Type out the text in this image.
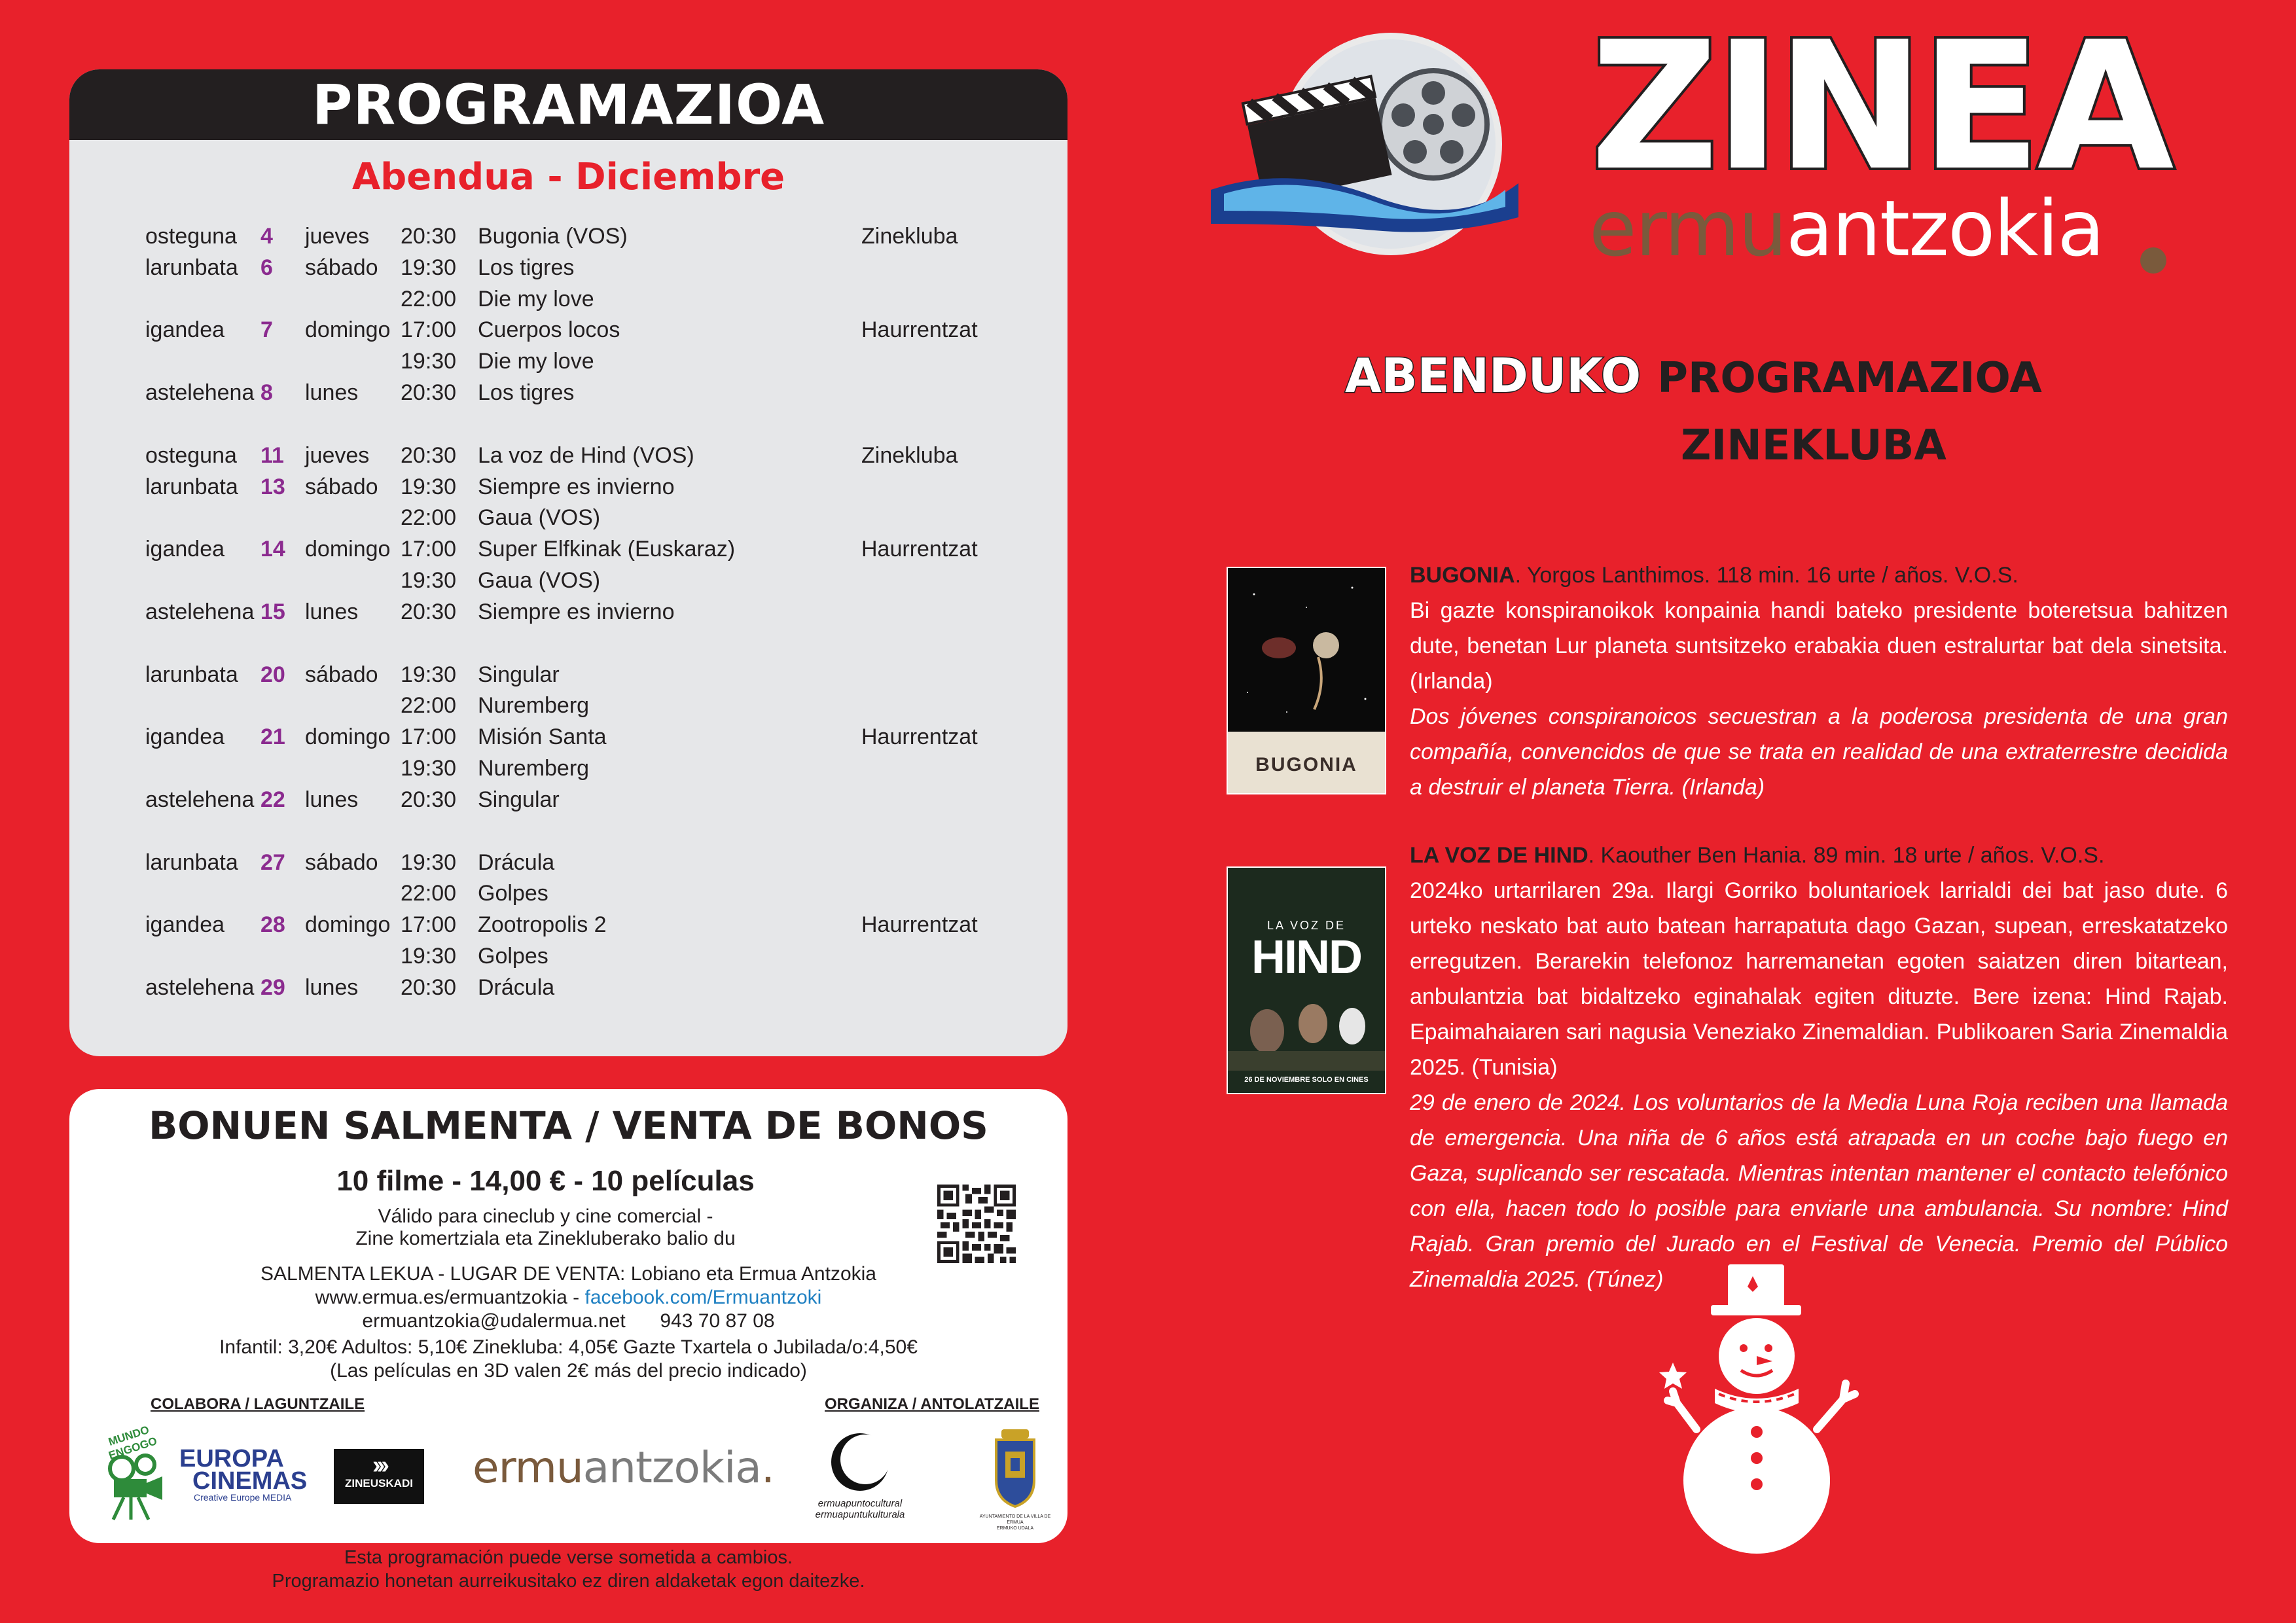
PROGRAMAZIOA
Abendua - Diciembre
osteguna 4 jueves 20:30 Bugonia (VOS)	Zinekluba
larunbata 6 sábado 19:30 Los tigres
22:00 Die my love
igandea 7 domingo 17:00 Cuerpos locos	Haurrentzat
19:30 Die my love
astelehena 8 lunes 20:30 Los tigres
osteguna 11 jueves 20:30 La voz de Hind (VOS)	Zinekluba
larunbata 13 sábado 19:30 Siempre es invierno
22:00 Gaua (VOS)
igandea 14 domingo 17:00 Super Elfkinak (Euskaraz)	Haurrentzat
19:30 Gaua (VOS)
astelehena 15 lunes 20:30 Siempre es invierno
larunbata 20 sábado 19:30 Singular
22:00 Nuremberg
igandea 21 domingo 17:00 Misión Santa	Haurrentzat
19:30 Nuremberg
astelehena 22 lunes 20:30 Singular
larunbata 27 sábado 19:30 Drácula
22:00 Golpes
igandea 28 domingo 17:00 Zootropolis 2	Haurrentzat
19:30 Golpes
astelehena 29 lunes 20:30 Drácula
BONUEN SALMENTA / VENTA DE BONOS
10 filme - 14,00 € - 10 películas
Válido para cineclub y cine comercial -
Zine komertziala eta Zinekluberako balio du
SALMENTA LEKUA - LUGAR DE VENTA: Lobiano eta Ermua Antzokia
www.ermua.es/ermuantzokia - facebook.com/Ermuantzoki
ermuantzokia@udalermua.net 943 70 87 08
Infantil: 3,20€ Adultos: 5,10€ Zinekluba: 4,05€ Gazte Txartela o Jubilada/o:4,50€
(Las películas en 3D valen 2€ más del precio indicado)
COLABORA / LAGUNTZAILE	ORGANIZA / ANTOLATZAILE
MUNDO ENGOGO EUROPA
CINEMAS
Creative Europe MEDIA
›››
ZINEUSKADI ermuantzokia.
ermuapuntocultural
ermuapuntukulturala	AYUNTAMIENTO DE LA VILLA DE ERMUA
ERMUKO UDALA
Esta programación puede verse sometida a cambios.
Programazio honetan aurreikusitako ez diren aldaketak egon daitezke.
ZINEA
ermuantzokia
ABENDUKO PROGRAMAZIOA
ZINEKLUBA
BUGONIA
BUGONIA. Yorgos Lanthimos. 118 min. 16 urte / años. V.O.S.
Bi gazte konspiranoikok konpainia handi bateko presidente boteretsua bahitzen dute, benetan Lur planeta suntsitzeko erabakia duen estralurtar bat dela sinetsita. (Irlanda)
Dos jóvenes conspiranoicos secuestran a la poderosa presidenta de una gran compañía, convencidos de que se trata en realidad de una extraterrestre decidida a destruir el planeta Tierra. (Irlanda)
LA VOZ DE
HIND
26 DE NOVIEMBRE SOLO EN CINES
LA VOZ DE HIND. Kaouther Ben Hania. 89 min. 18 urte / años. V.O.S.
2024ko urtarrilaren 29a. Ilargi Gorriko boluntarioek larrialdi dei bat jaso dute. 6 urteko neskato bat auto batean harrapatuta dago Gazan, supean, erreskatatzeko erregutzen. Berarekin telefonoz harremanetan egoten saiatzen diren bitartean, anbulantzia bat bidaltzeko eginahalak egiten dituzte. Bere izena: Hind Rajab. Epaimahaiaren sari nagusia Veneziako Zinemaldian. Publikoaren Saria Zinemaldia 2025. (Tunisia)
29 de enero de 2024. Los voluntarios de la Media Luna Roja reciben una llamada de emergencia. Una niña de 6 años está atrapada en un coche bajo fuego en Gaza, suplicando ser rescatada. Mientras intentan mantener el contacto telefónico con ella, hacen todo lo posible para enviarle una ambulancia. Su nombre: Hind Rajab. Gran premio del Jurado en el Festival de Venecia. Premio del Público Zinemaldia 2025. (Túnez)
